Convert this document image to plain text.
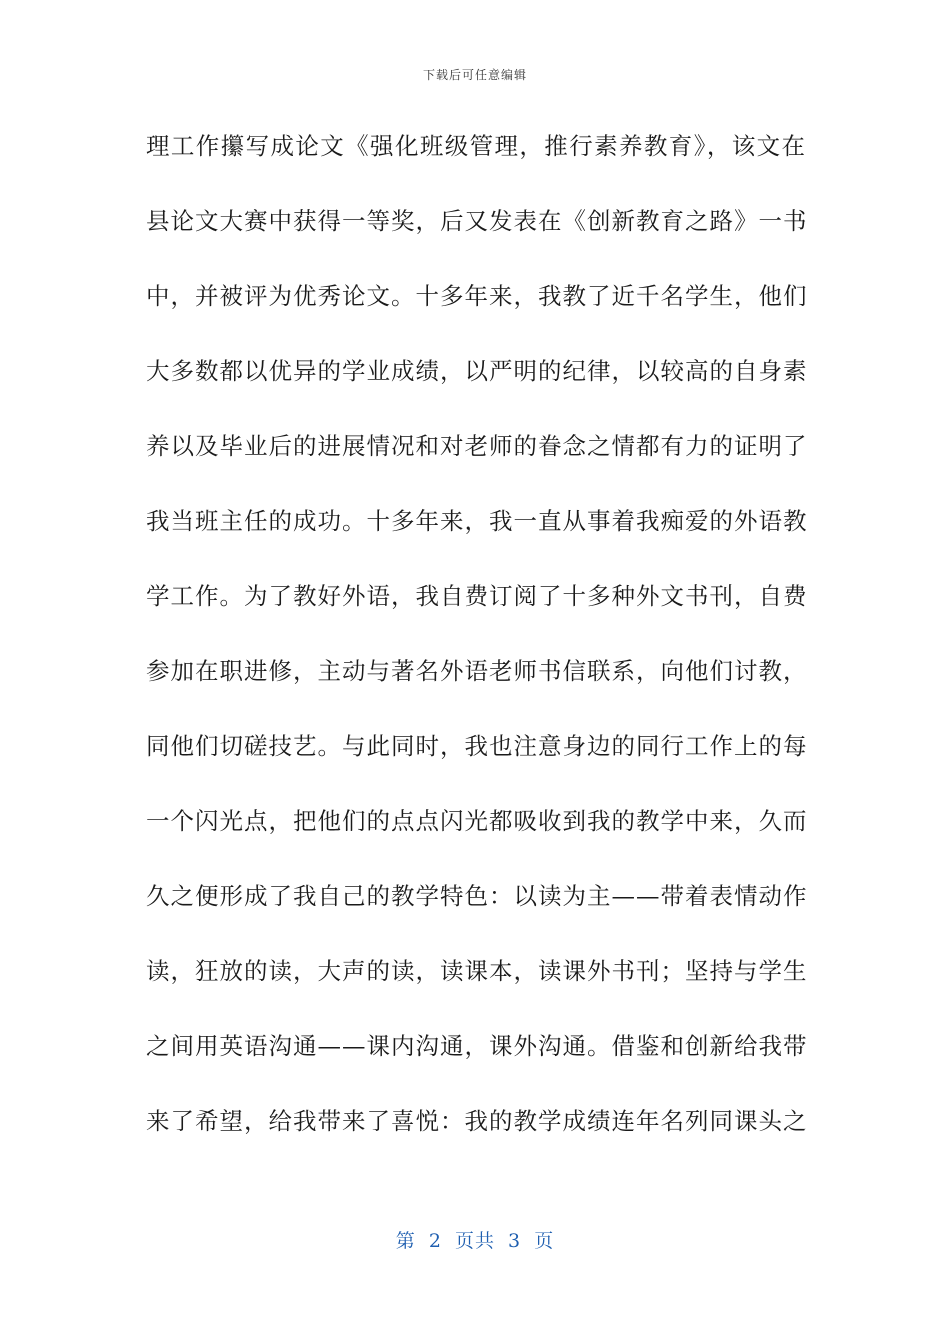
下载后可任意编辑
理工作攥写成论文《强化班级管理，推行素养教育》，该文在
县论文大赛中获得一等奖，后又发表在《创新教育之路》一书
中，并被评为优秀论文。十多年来，我教了近千名学生，他们
大多数都以优异的学业成绩，以严明的纪律，以较高的自身素
养以及毕业后的进展情况和对老师的眷念之情都有力的证明了
我当班主任的成功。十多年来，我一直从事着我痴爱的外语教
学工作。为了教好外语，我自费订阅了十多种外文书刊，自费
参加在职进修，主动与著名外语老师书信联系，向他们讨教，
同他们切磋技艺。与此同时，我也注意身边的同行工作上的每
一个闪光点，把他们的点点闪光都吸收到我的教学中来，久而
久之便形成了我自己的教学特色：以读为主——带着表情动作
读，狂放的读，大声的读，读课本，读课外书刊；坚持与学生
之间用英语沟通——课内沟通，课外沟通。借鉴和创新给我带
来了希望，给我带来了喜悦：我的教学成绩连年名列同课头之
第 2 页共 3 页
